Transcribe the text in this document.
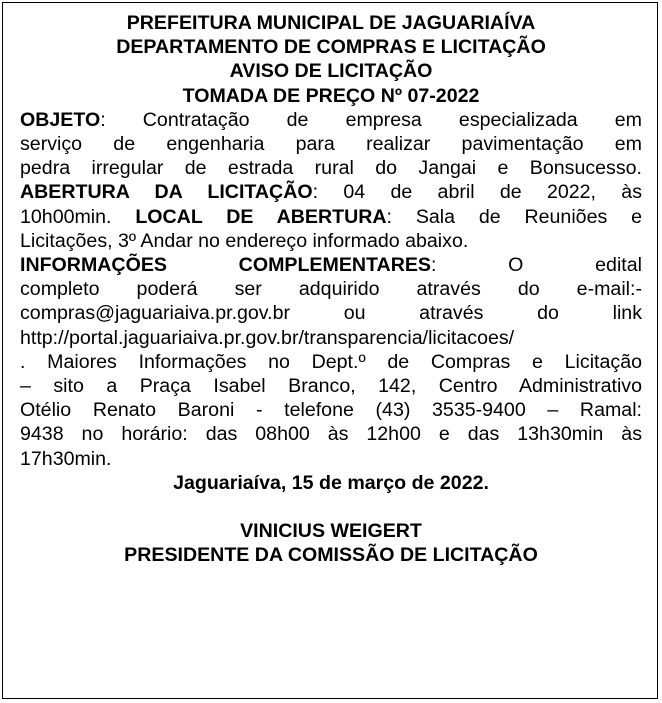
PREFEITURA MUNICIPAL DE JAGUARIAÍVA
DEPARTAMENTO DE COMPRAS E LICITAÇÃO
AVISO DE LICITAÇÃO
TOMADA DE PREÇO Nº 07-2022
OBJETO: Contratação de empresa especializada em
serviço de engenharia para realizar pavimentação em
pedra irregular de estrada rural do Jangai e Bonsucesso.
ABERTURA DA LICITAÇÃO: 04 de abril de 2022, às
10h00min. LOCAL DE ABERTURA: Sala de Reuniões e
Licitações, 3º Andar no endereço informado abaixo.
INFORMAÇÕES COMPLEMENTARES: O edital
completo poderá ser adquirido através do e-mail:-
compras@jaguariaiva.pr.gov.br ou através do link
http://portal.jaguariaiva.pr.gov.br/transparencia/licitacoes/
. Maiores Informações no Dept.º de Compras e Licitação
– sito a Praça Isabel Branco, 142, Centro Administrativo
Otélio Renato Baroni - telefone (43) 3535-9400 – Ramal:
9438 no horário: das 08h00 às 12h00 e das 13h30min às
17h30min.
Jaguariaíva, 15 de março de 2022.
VINICIUS WEIGERT
PRESIDENTE DA COMISSÃO DE LICITAÇÃO
